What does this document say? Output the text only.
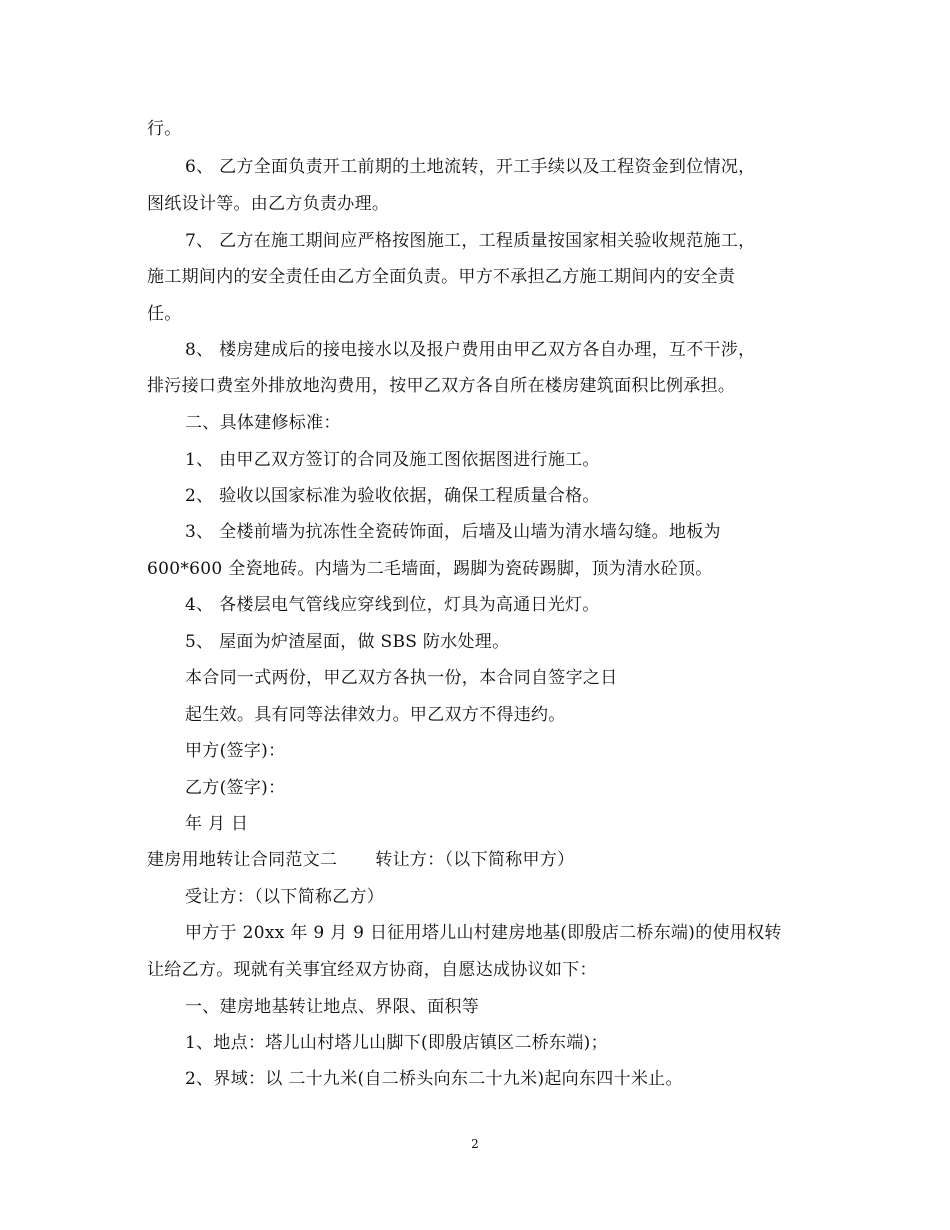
行。
6、 乙方全面负责开工前期的土地流转，开工手续以及工程资金到位情况，
图纸设计等。由乙方负责办理。
7、 乙方在施工期间应严格按图施工，工程质量按国家相关验收规范施工，
施工期间内的安全责任由乙方全面负责。甲方不承担乙方施工期间内的安全责
任。
8、 楼房建成后的接电接水以及报户费用由甲乙双方各自办理，互不干涉，
排污接口费室外排放地沟费用，按甲乙双方各自所在楼房建筑面积比例承担。
二、具体建修标准：
1、 由甲乙双方签订的合同及施工图依据图进行施工。
2、 验收以国家标准为验收依据，确保工程质量合格。
3、 全楼前墙为抗冻性全瓷砖饰面，后墙及山墙为清水墙勾缝。地板为
600*600 全瓷地砖。内墙为二毛墙面，踢脚为瓷砖踢脚，顶为清水砼顶。
4、 各楼层电气管线应穿线到位，灯具为高通日光灯。
5、 屋面为炉渣屋面，做 SBS 防水处理。
本合同一式两份，甲乙双方各执一份，本合同自签字之日
起生效。具有同等法律效力。甲乙双方不得违约。
甲方(签字)：
乙方(签字)：
年 月 日
建房用地转让合同范文二 转让方：（以下简称甲方）
受让方：（以下简称乙方）
甲方于 20xx 年 9 月 9 日征用塔儿山村建房地基(即殷店二桥东端)的使用权转
让给乙方。现就有关事宜经双方协商，自愿达成协议如下：
一、建房地基转让地点、界限、面积等
1、地点：塔儿山村塔儿山脚下(即殷店镇区二桥东端)；
2、界域：以 二十九米(自二桥头向东二十九米)起向东四十米止。
2
